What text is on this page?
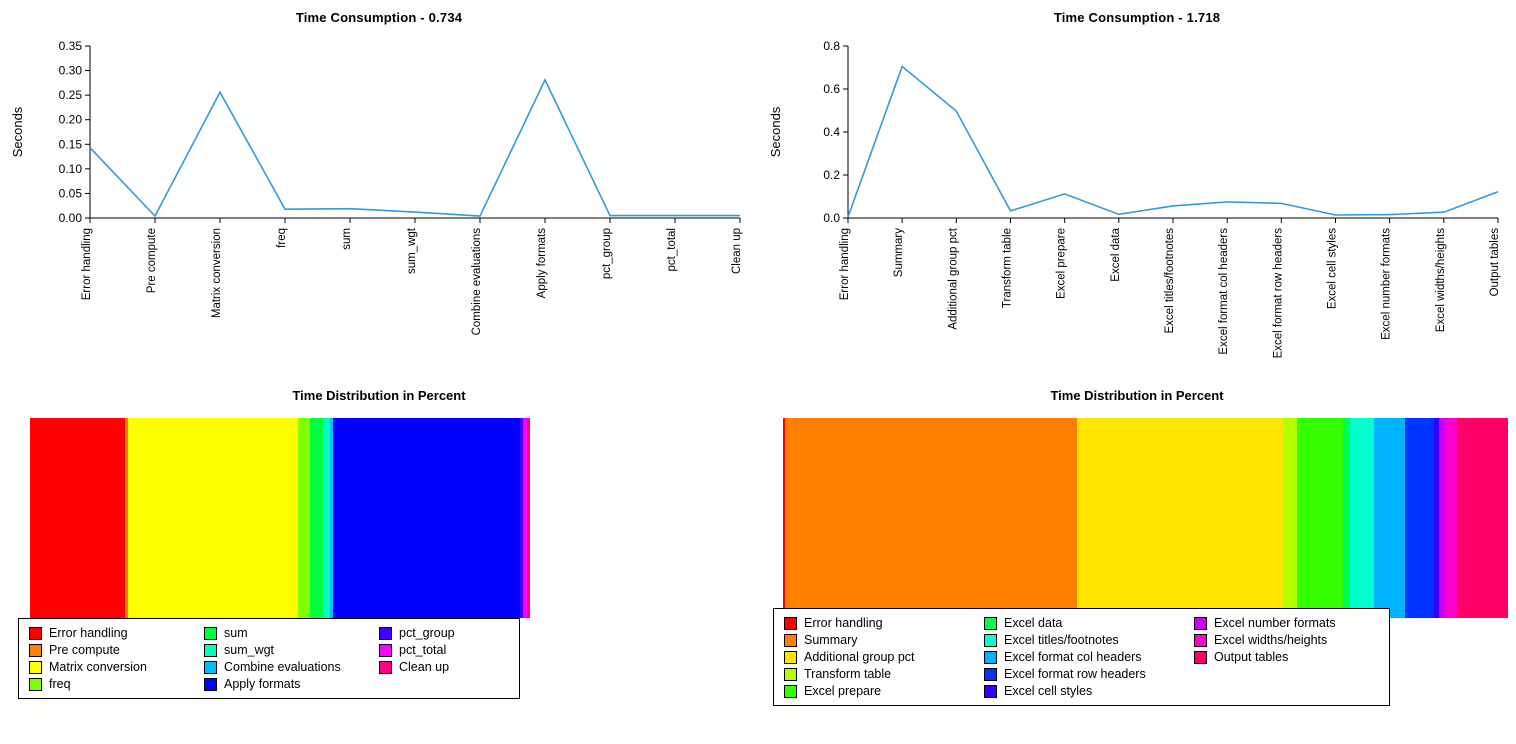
Time Consumption - 0.734
0.00
0.05
0.10
0.15
0.20
0.25
0.30
0.35
Error handling	Pre compute	Matrix conversion	freq	sum	sum_wgt	Combine evaluations	Apply formats	pct_group	pct_total	Clean up
Seconds
Time Distribution in Percent
Error handling
Pre compute
Matrix conversion
freq
sum
sum_wgt
Combine evaluations
Apply formats
pct_group
pct_total
Clean up
Time Consumption - 1.718
0.0
0.2
0.4
0.6
0.8
Error handling	Summary	Additional group pct	Transform table	Excel prepare	Excel data	Excel titles/footnotes	Excel format col headers	Excel format row headers	Excel cell styles	Excel number formats	Excel widths/heights	Output tables
Seconds
Time Distribution in Percent
Error handling
Summary
Additional group pct
Transform table
Excel prepare
Excel data
Excel titles/footnotes
Excel format col headers
Excel format row headers
Excel cell styles
Excel number formats
Excel widths/heights
Output tables
